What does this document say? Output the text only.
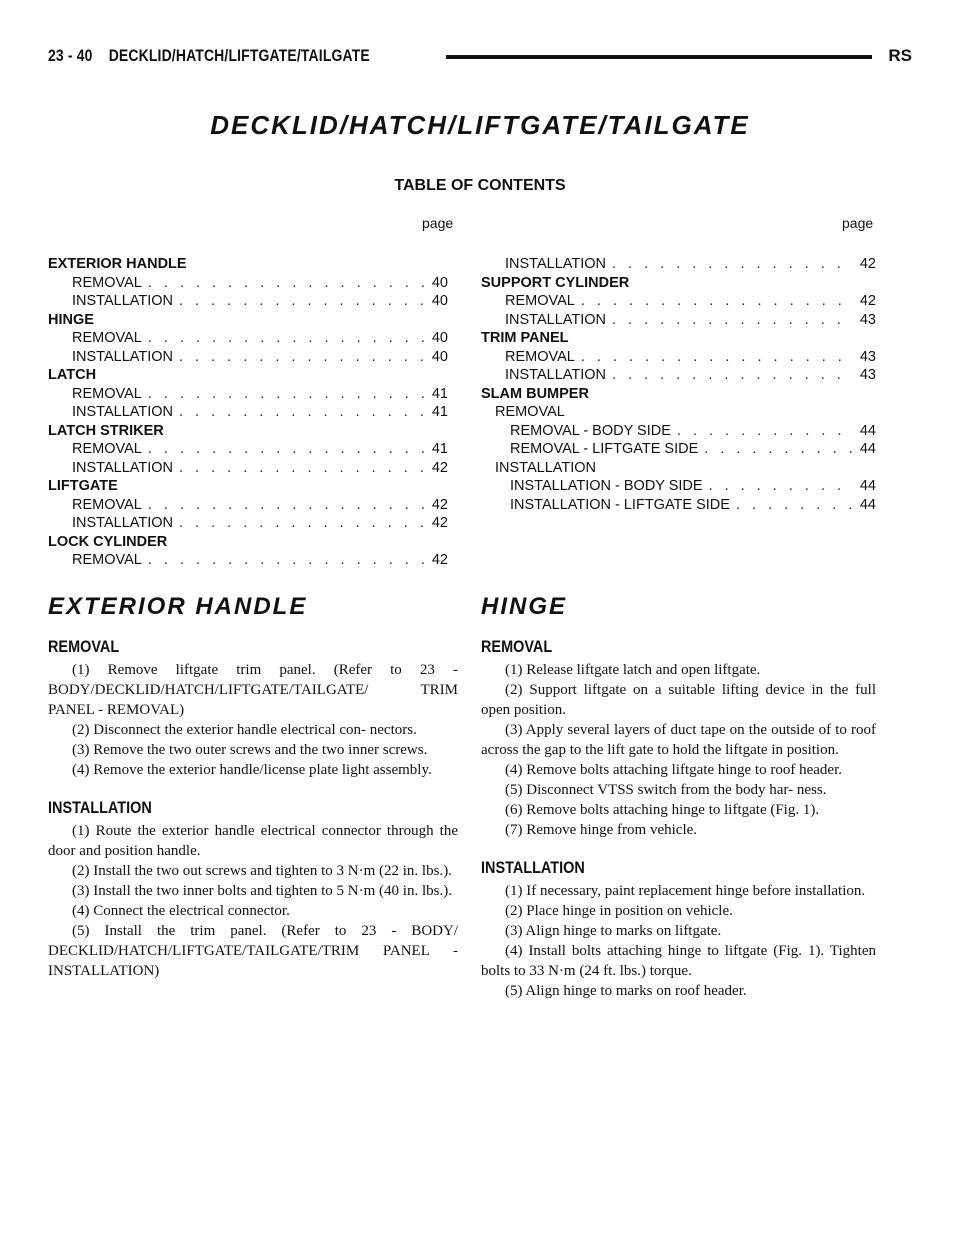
23 - 40 DECKLID/HATCH/LIFTGATE/TAILGATE	RS
DECKLID/HATCH/LIFTGATE/TAILGATE
TABLE OF CONTENTS
page	page
EXTERIOR HANDLE
REMOVAL . . .	40
INSTALLATION . . .	40
HINGE
REMOVAL . . .	40
INSTALLATION . . .	40
LATCH
REMOVAL . . .	41
INSTALLATION . . .	41
LATCH STRIKER
REMOVAL . . .	41
INSTALLATION . . .	42
LIFTGATE
REMOVAL . . .	42
INSTALLATION . . .	42
LOCK CYLINDER
REMOVAL . . .	42
INSTALLATION . . .	42
SUPPORT CYLINDER
REMOVAL . . .	42
INSTALLATION . . .	43
TRIM PANEL
REMOVAL . . .	43
INSTALLATION . . .	43
SLAM BUMPER
REMOVAL
REMOVAL - BODY SIDE . . .	44
REMOVAL - LIFTGATE SIDE . . .	44
INSTALLATION
INSTALLATION - BODY SIDE . . .	44
INSTALLATION - LIFTGATE SIDE . . .	44
EXTERIOR HANDLE
REMOVAL

(1) Remove liftgate trim panel. (Refer to 23 - BODY/DECKLID/HATCH/LIFTGATE/TAILGATE/ TRIM PANEL - REMOVAL)

(2) Disconnect the exterior handle electrical con- nectors.

(3) Remove the two outer screws and the two inner screws.

(4) Remove the exterior handle/license plate light assembly.

INSTALLATION

(1) Route the exterior handle electrical connector through the door and position handle.

(2) Install the two out screws and tighten to 3 N·m (22 in. lbs.).

(3) Install the two inner bolts and tighten to 5 N·m (40 in. lbs.).

(4) Connect the electrical connector.

(5) Install the trim panel. (Refer to 23 - BODY/ DECKLID/HATCH/LIFTGATE/TAILGATE/TRIM PANEL - INSTALLATION)

HINGE
REMOVAL

(1) Release liftgate latch and open liftgate.

(2) Support liftgate on a suitable lifting device in the full open position.

(3) Apply several layers of duct tape on the outside of to roof across the gap to the lift gate to hold the liftgate in position.

(4) Remove bolts attaching liftgate hinge to roof header.

(5) Disconnect VTSS switch from the body har- ness.

(6) Remove bolts attaching hinge to liftgate (Fig. 1).

(7) Remove hinge from vehicle.

INSTALLATION

(1) If necessary, paint replacement hinge before installation.

(2) Place hinge in position on vehicle.

(3) Align hinge to marks on liftgate.

(4) Install bolts attaching hinge to liftgate (Fig. 1). Tighten bolts to 33 N·m (24 ft. lbs.) torque.

(5) Align hinge to marks on roof header.
